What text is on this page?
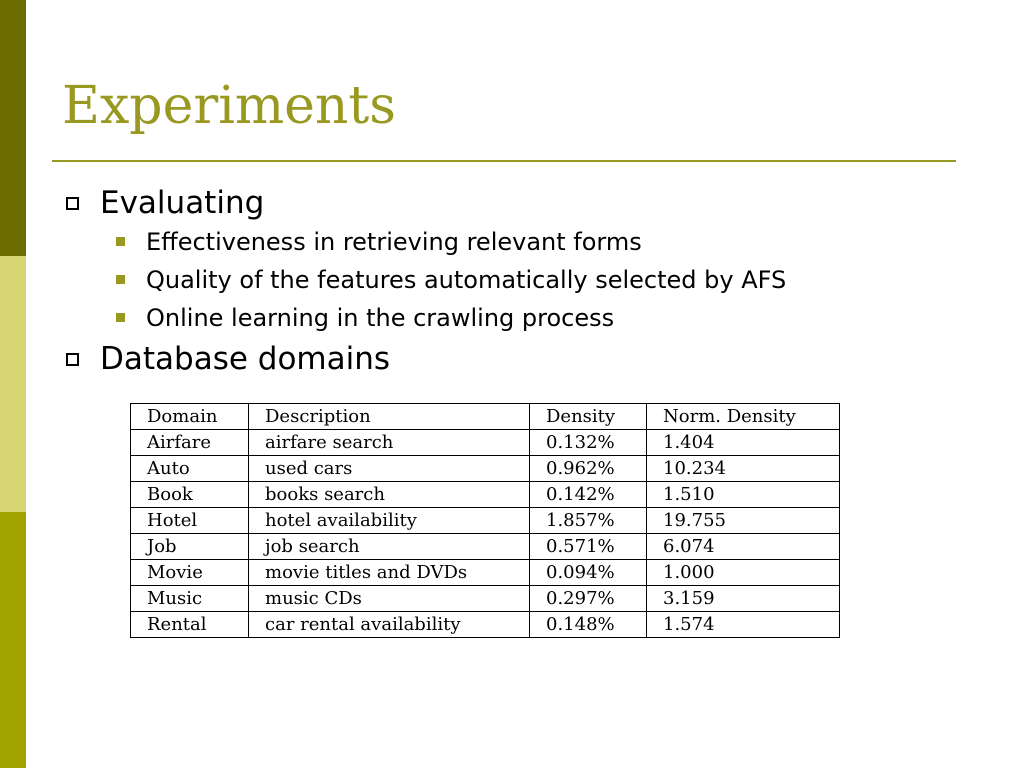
Experiments
Evaluating
Effectiveness in retrieving relevant forms
Quality of the features automatically selected by AFS
Online learning in the crawling process
Database domains
Domain	Description	Density	Norm. Density
Airfare	airfare search	0.132%	1.404
Auto	used cars	0.962%	10.234
Book	books search	0.142%	1.510
Hotel	hotel availability	1.857%	19.755
Job	job search	0.571%	6.074
Movie	movie titles and DVDs	0.094%	1.000
Music	music CDs	0.297%	3.159
Rental	car rental availability	0.148%	1.574
